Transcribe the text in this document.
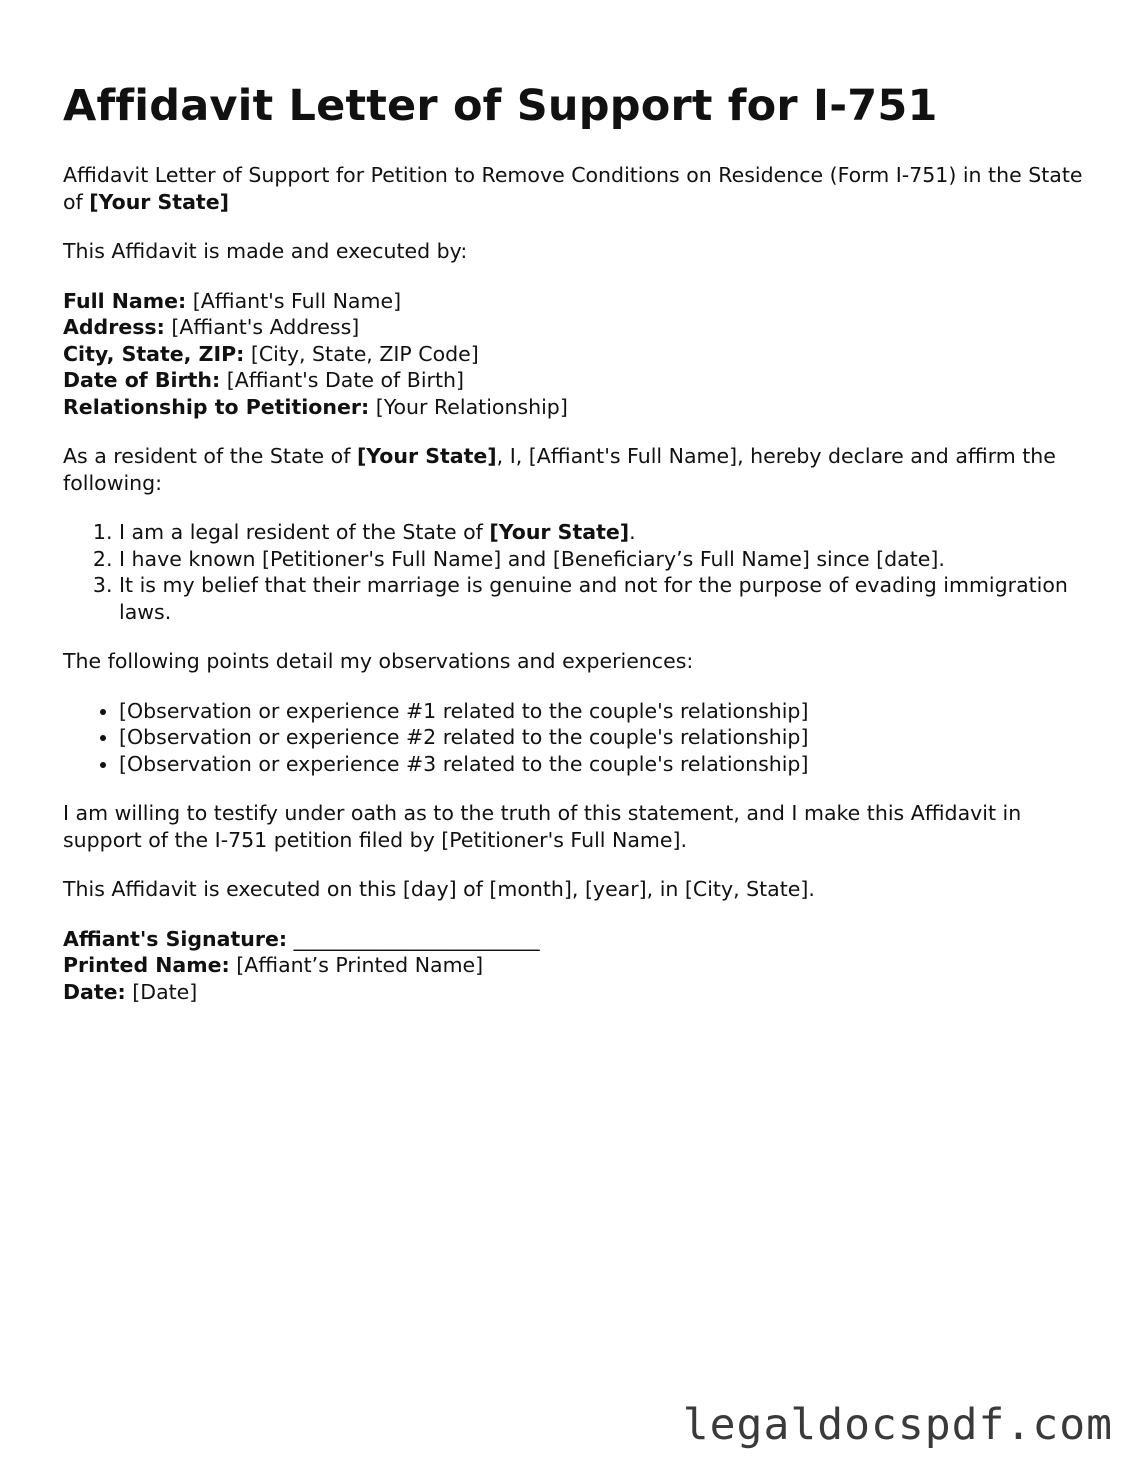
Affidavit Letter of Support for I-751

Affidavit Letter of Support for Petition to Remove Conditions on Residence (Form I-751) in the State of [Your State]

This Affidavit is made and executed by:

Full Name: [Affiant's Full Name]
Address: [Affiant's Address]
City, State, ZIP: [City, State, ZIP Code]
Date of Birth: [Affiant's Date of Birth]
Relationship to Petitioner: [Your Relationship]

As a resident of the State of [Your State], I, [Affiant's Full Name], hereby declare and affirm the following:

1. I am a legal resident of the State of [Your State].
2. I have known [Petitioner's Full Name] and [Beneficiary’s Full Name] since [date].
3. It is my belief that their marriage is genuine and not for the purpose of evading immigration laws.

The following points detail my observations and experiences:

• [Observation or experience #1 related to the couple's relationship]
• [Observation or experience #2 related to the couple's relationship]
• [Observation or experience #3 related to the couple's relationship]

I am willing to testify under oath as to the truth of this statement, and I make this Affidavit in support of the I-751 petition filed by [Petitioner's Full Name].

This Affidavit is executed on this [day] of [month], [year], in [City, State].

Affiant's Signature: ________________________
Printed Name: [Affiant’s Printed Name]
Date: [Date]
legaldocspdf.com
